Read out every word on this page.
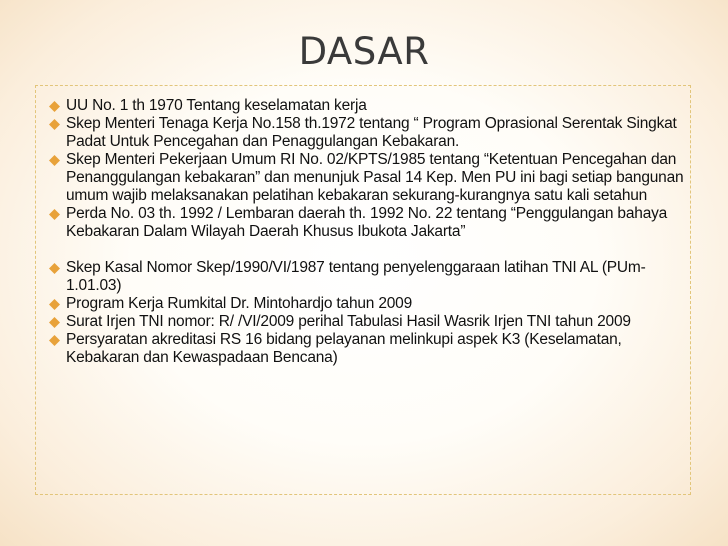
DASAR
UU No. 1 th 1970 Tentang keselamatan kerja
Skep Menteri Tenaga Kerja No.158 th.1972 tentang “ Program Oprasional Serentak Singkat Padat Untuk Pencegahan dan Penaggulangan Kebakaran.
Skep Menteri Pekerjaan Umum RI No. 02/KPTS/1985 tentang “Ketentuan Pencegahan dan Penanggulangan kebakaran” dan menunjuk Pasal 14 Kep. Men PU ini bagi setiap bangunan umum wajib melaksanakan pelatihan kebakaran sekurang-kurangnya satu kali setahun
Perda No. 03 th. 1992 / Lembaran daerah th. 1992 No. 22 tentang “Penggulangan bahaya Kebakaran Dalam Wilayah Daerah Khusus Ibukota Jakarta”
Skep Kasal Nomor Skep/1990/VI/1987 tentang penyelenggaraan latihan TNI AL (PUm-1.01.03)
Program Kerja Rumkital Dr. Mintohardjo tahun 2009
Surat Irjen TNI nomor: R/ /VI/2009 perihal Tabulasi Hasil Wasrik Irjen TNI tahun 2009
Persyaratan akreditasi RS 16 bidang pelayanan melinkupi aspek K3 (Keselamatan, Kebakaran dan Kewaspadaan Bencana)
